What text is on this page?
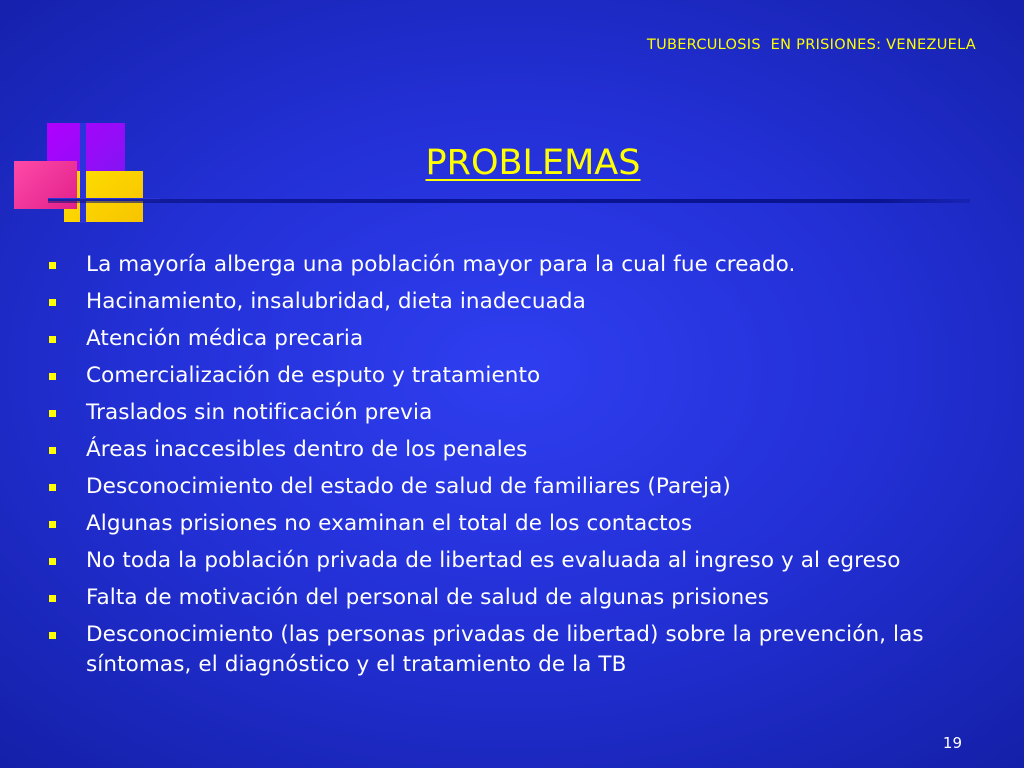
TUBERCULOSIS  EN PRISIONES: VENEZUELA
PROBLEMAS
La mayoría alberga una población mayor para la cual fue creado.
Hacinamiento, insalubridad, dieta inadecuada
Atención médica precaria
Comercialización de esputo y tratamiento
Traslados sin notificación previa
Áreas inaccesibles dentro de los penales
Desconocimiento del estado de salud de familiares (Pareja)
Algunas prisiones no examinan el total de los contactos
No toda la población privada de libertad es evaluada al ingreso y al egreso
Falta de motivación del personal de salud de algunas prisiones
Desconocimiento (las personas privadas de libertad) sobre la prevención, las síntomas, el diagnóstico y el tratamiento de la TB
19
